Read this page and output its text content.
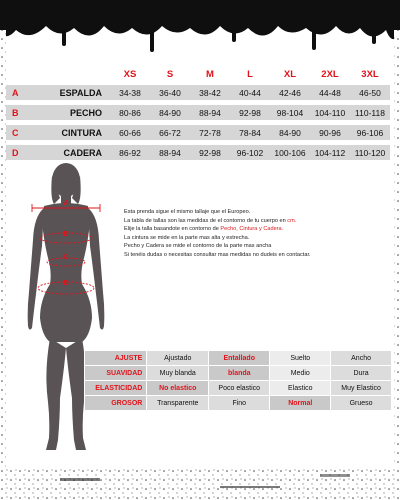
XS	S	M	L	XL	2XL	3XL
A	ESPALDA	34-38	36-40	38-42	40-44	42-46	44-48	46-50
B	PECHO	80-86	84-90	88-94	92-98	98-104	104-110	110-118
C	CINTURA	60-66	66-72	72-78	78-84	84-90	90-96	96-106
D	CADERA	86-92	88-94	92-98	96-102	100-106	104-112	110-120
A
B
C
D
Esta prenda sigue el mismo tallaje que el Europeo.
La tabla de tallas son las medidas de el contorno de tu cuerpo en cm.
Elije la talla basandote en contorno de Pecho, Cintura y Cadera.
La cintura se mide en la parte mas alta y estrecha.
Pecho y Cadera se mide el contorno de la parte mas ancha
Si tenéis dudas o necesitas consultar mas medidas no dudeis en contactar.
AJUSTE	Ajustado	Entallado	Suelto	Ancho
SUAVIDAD	Muy blanda	blanda	Medio	Dura
ELASTICIDAD	No elastico	Poco elastico	Elastico	Muy Elastico
GROSOR	Transparente	Fino	Normal	Grueso
